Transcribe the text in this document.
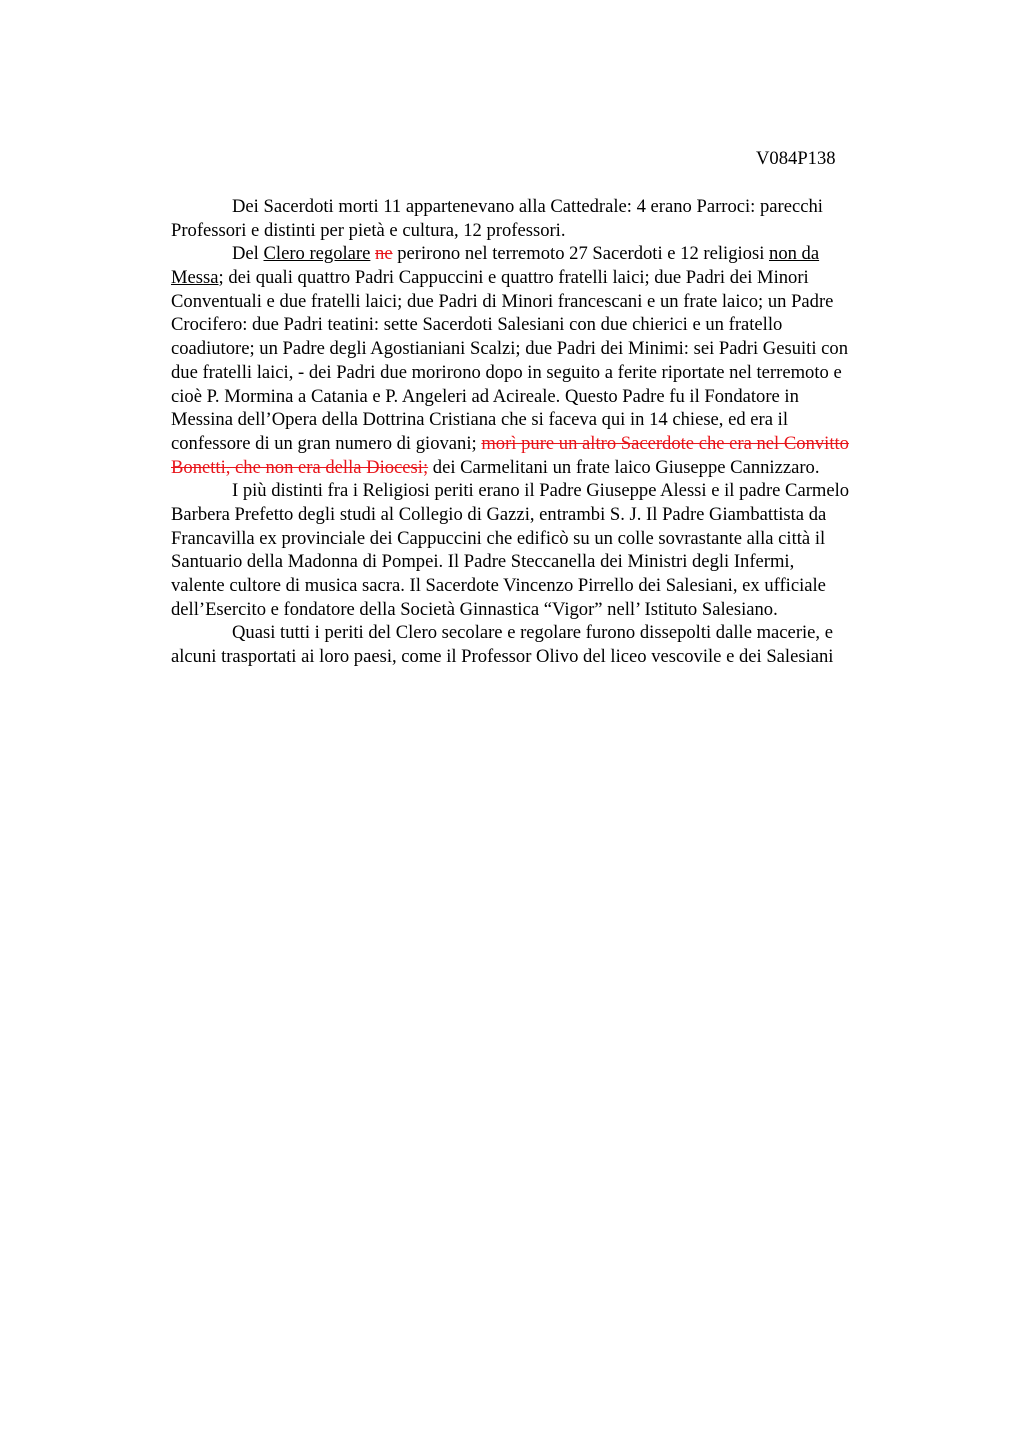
V084P138
Dei Sacerdoti morti 11 appartenevano alla Cattedrale: 4 erano Parroci: parecchi
Professori e distinti per pietà e cultura, 12 professori.
Del Clero regolare ne perirono nel terremoto 27 Sacerdoti e 12 religiosi non da
Messa; dei quali quattro Padri Cappuccini e quattro fratelli laici; due Padri dei Minori
Conventuali e due fratelli laici; due Padri di Minori francescani e un frate laico; un Padre
Crocifero: due Padri teatini: sette Sacerdoti Salesiani con due chierici e un fratello
coadiutore; un Padre degli Agostianiani Scalzi; due Padri dei Minimi: sei Padri Gesuiti con
due fratelli laici, - dei Padri due morirono dopo in seguito a ferite riportate nel terremoto e
cioè P. Mormina a Catania e P. Angeleri ad Acireale. Questo Padre fu il Fondatore in
Messina dell’Opera della Dottrina Cristiana che si faceva qui in 14 chiese, ed era il
confessore di un gran numero di giovani; morì pure un altro Sacerdote che era nel Convitto
Bonetti, che non era della Diocesi; dei Carmelitani un frate laico Giuseppe Cannizzaro.
I più distinti fra i Religiosi periti erano il Padre Giuseppe Alessi e il padre Carmelo
Barbera Prefetto degli studi al Collegio di Gazzi, entrambi S. J. Il Padre Giambattista da
Francavilla ex provinciale dei Cappuccini che edificò su un colle sovrastante alla città il
Santuario della Madonna di Pompei. Il Padre Steccanella dei Ministri degli Infermi,
valente cultore di musica sacra. Il Sacerdote Vincenzo Pirrello dei Salesiani, ex ufficiale
dell’Esercito e fondatore della Società Ginnastica “Vigor” nell’ Istituto Salesiano.
Quasi tutti i periti del Clero secolare e regolare furono dissepolti dalle macerie, e
alcuni trasportati ai loro paesi, come il Professor Olivo del liceo vescovile e dei Salesiani
